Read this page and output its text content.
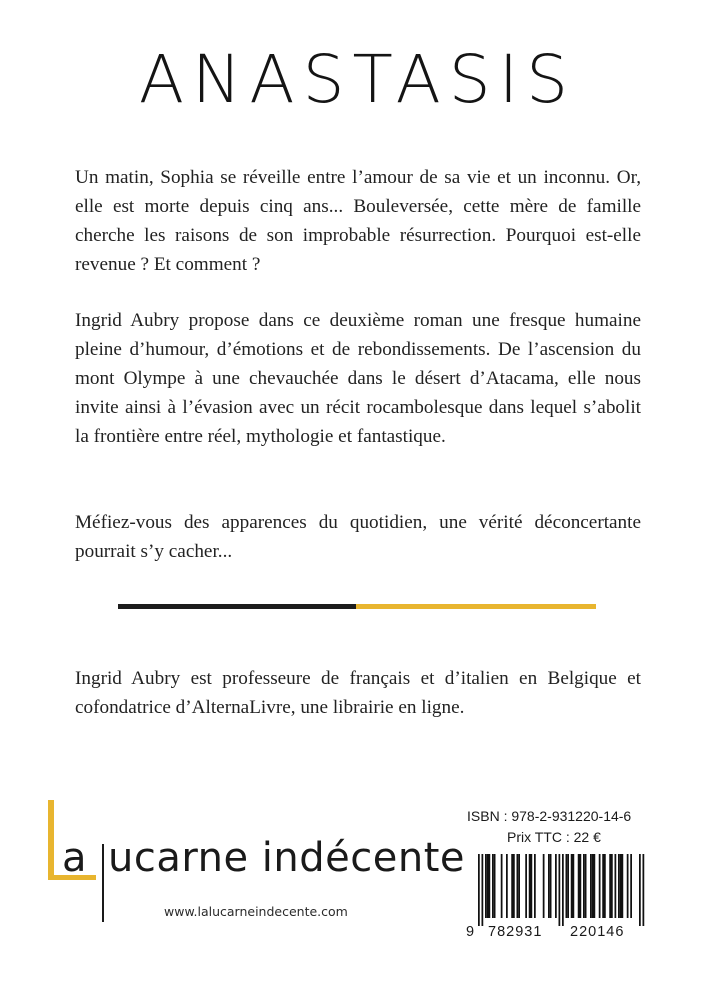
ANASTASIS
Un matin, Sophia se réveille entre l’amour de sa vie et un inconnu. Or, elle est morte depuis cinq ans... Bouleversée, cette mère de famille cherche les raisons de son improbable résurrection. Pourquoi est-elle revenue ? Et comment ?
Ingrid Aubry propose dans ce deuxième roman une fresque humaine pleine d’humour, d’émotions et de rebondissements. De l’ascension du mont Olympe à une chevauchée dans le désert d’Atacama, elle nous invite ainsi à l’évasion avec un récit rocambolesque dans lequel s’abolit la frontière entre réel, mythologie et fantastique.
Méfiez-vous des apparences du quotidien, une vérité déconcertante pourrait s’y cacher...
Ingrid Aubry est professeure de français et d’italien en Belgique et cofondatrice d’AlternaLivre, une librairie en ligne.
a ucarne indécente
www.lalucarneindecente.com
ISBN : 978-2-931220-14-6
Prix TTC : 22 €
9 782931 220146
